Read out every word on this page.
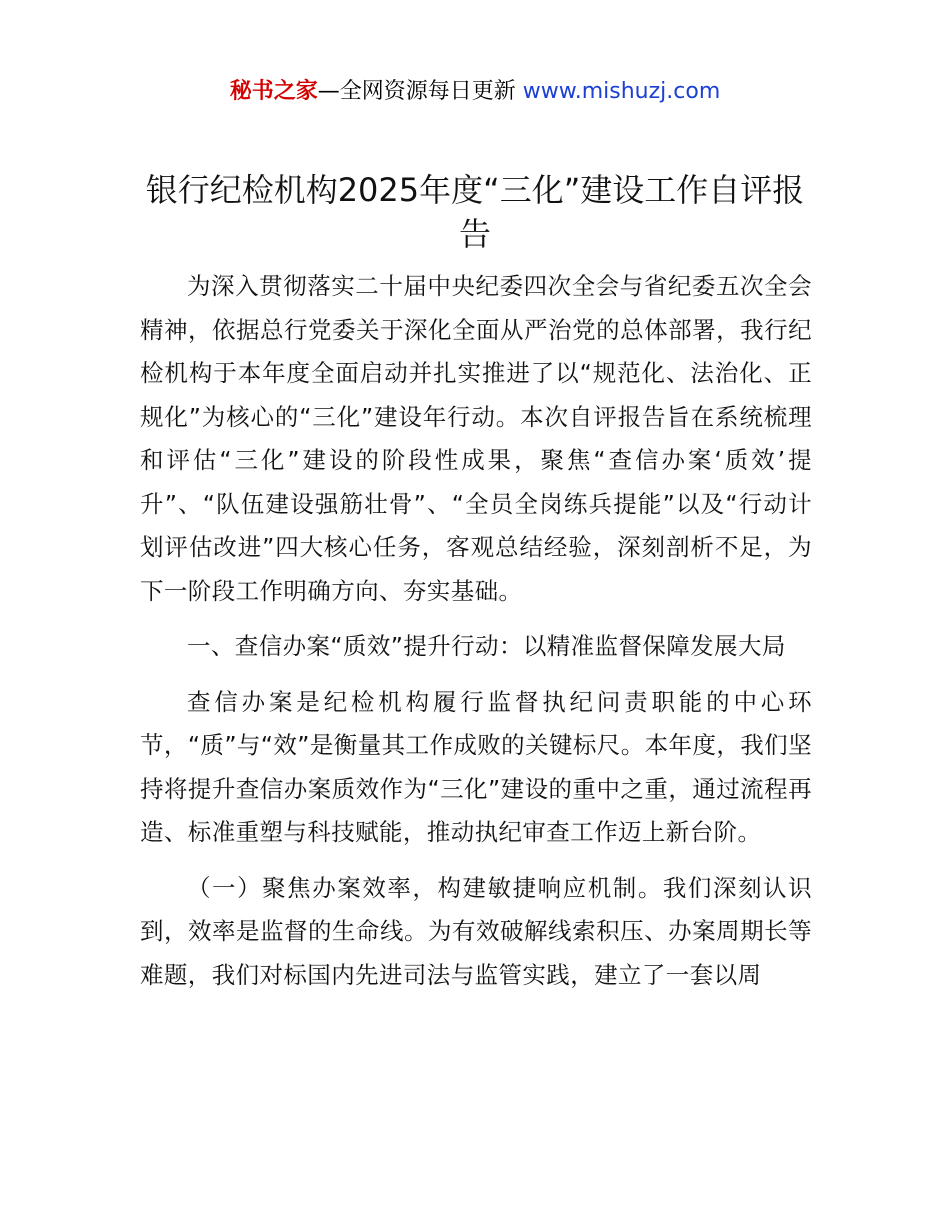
秘书之家—全网资源每日更新 www.mishuzj.com
银行纪检机构2025年度“三化”建设工作自评报告

为深入贯彻落实二十届中央纪委四次全会与省纪委五次全会精神，依据总行党委关于深化全面从严治党的总体部署，我行纪检机构于本年度全面启动并扎实推进了以“规范化、法治化、正规化”为核心的“三化”建设年行动。本次自评报告旨在系统梳理和评估“三化”建设的阶段性成果，聚焦“查信办案‘质效’提升”、“队伍建设强筋壮骨”、“全员全岗练兵提能”以及“行动计划评估改进”四大核心任务，客观总结经验，深刻剖析不足，为下一阶段工作明确方向、夯实基础。

一、查信办案“质效”提升行动：以精准监督保障发展大局

查信办案是纪检机构履行监督执纪问责职能的中心环节，“质”与“效”是衡量其工作成败的关键标尺。本年度，我们坚持将提升查信办案质效作为“三化”建设的重中之重，通过流程再造、标准重塑与科技赋能，推动执纪审查工作迈上新台阶。

（一）聚焦办案效率，构建敏捷响应机制。我们深刻认识到，效率是监督的生命线。为有效破解线索积压、办案周期长等难题，我们对标国内先进司法与监管实践，建立了一套以周
